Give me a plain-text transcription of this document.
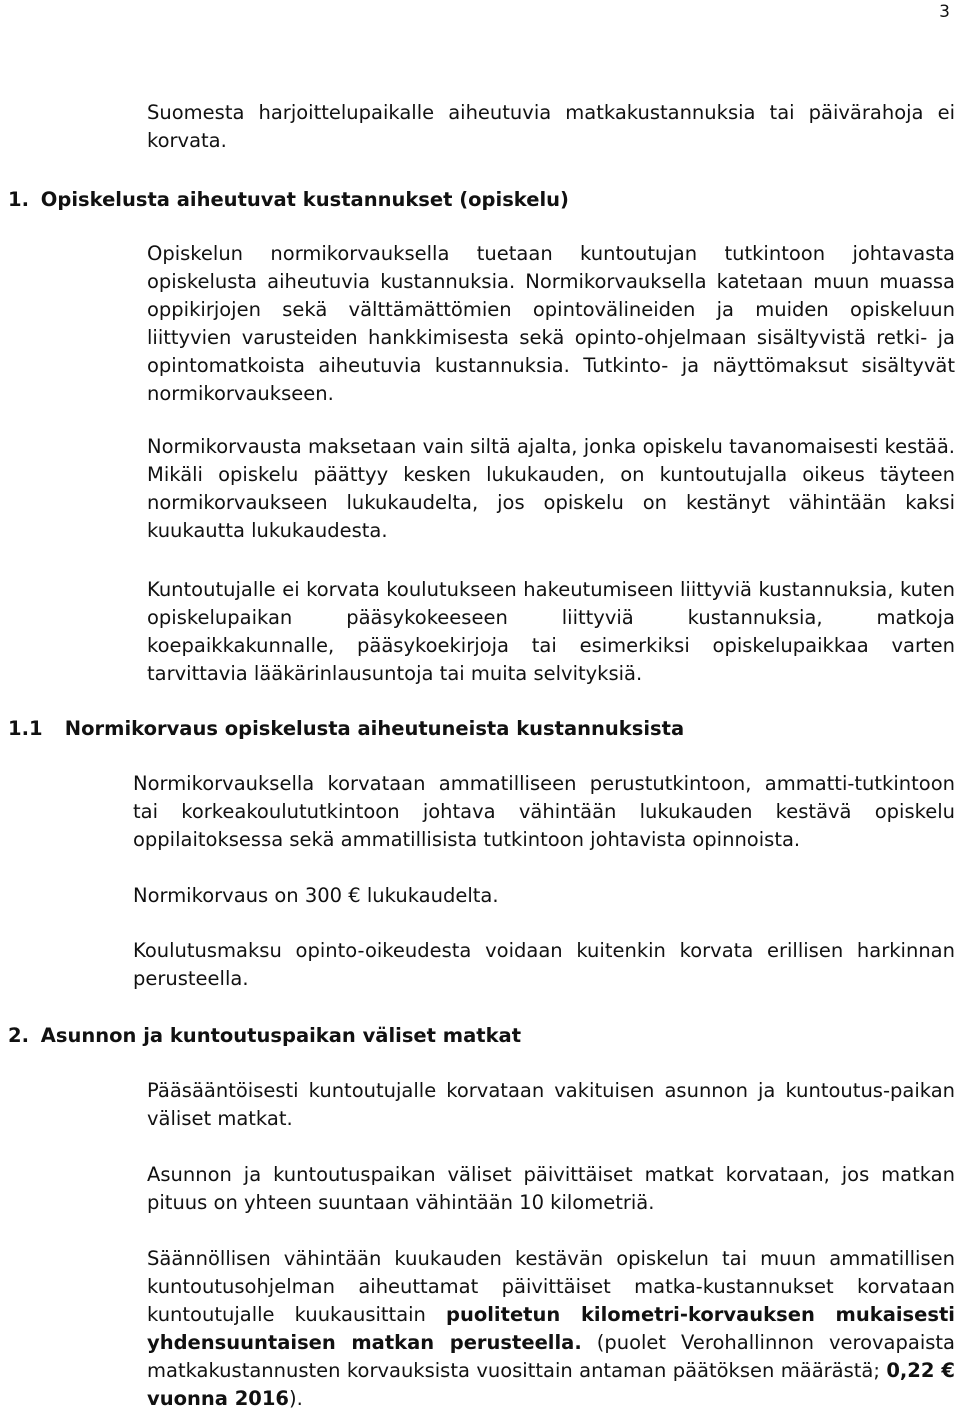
3

Suomesta harjoittelupaikalle aiheutuvia matkakustannuksia tai päivärahoja ei korvata.

1. Opiskelusta aiheutuvat kustannukset (opiskelu)

Opiskelun normikorvauksella tuetaan kuntoutujan tutkintoon johtavasta opiskelusta aiheutuvia kustannuksia. Normikorvauksella katetaan muun muassa oppikirjojen sekä välttämättömien opintovälineiden ja muiden opiskeluun liittyvien varusteiden hankkimisesta sekä opinto-ohjelmaan sisältyvistä retki- ja opintomatkoista aiheutuvia kustannuksia. Tutkinto- ja näyttömaksut sisältyvät normikorvaukseen.

Normikorvausta maksetaan vain siltä ajalta, jonka opiskelu tavanomaisesti kestää. Mikäli opiskelu päättyy kesken lukukauden, on kuntoutujalla oikeus täyteen normikorvaukseen lukukaudelta, jos opiskelu on kestänyt vähintään kaksi kuukautta lukukaudesta.

Kuntoutujalle ei korvata koulutukseen hakeutumiseen liittyviä kustannuksia, kuten opiskelupaikan pääsykokeeseen liittyviä kustannuksia, matkoja koepaikkakunnalle, pääsykoekirjoja tai esimerkiksi opiskelupaikkaa varten tarvittavia lääkärinlausuntoja tai muita selvityksiä.

1.1 Normikorvaus opiskelusta aiheutuneista kustannuksista

Normikorvauksella korvataan ammatilliseen perustutkintoon, ammatti-tutkintoon tai korkeakoulututkintoon johtava vähintään lukukauden kestävä opiskelu oppilaitoksessa sekä ammatillisista tutkintoon johtavista opinnoista.

Normikorvaus on 300 € lukukaudelta.

Koulutusmaksu opinto-oikeudesta voidaan kuitenkin korvata erillisen harkinnan perusteella.

2. Asunnon ja kuntoutuspaikan väliset matkat

Pääsääntöisesti kuntoutujalle korvataan vakituisen asunnon ja kuntoutus-paikan väliset matkat.

Asunnon ja kuntoutuspaikan väliset päivittäiset matkat korvataan, jos matkan pituus on yhteen suuntaan vähintään 10 kilometriä.

Säännöllisen vähintään kuukauden kestävän opiskelun tai muun ammatillisen kuntoutusohjelman aiheuttamat päivittäiset matka-kustannukset korvataan kuntoutujalle kuukausittain puolitetun kilometri-korvauksen mukaisesti yhdensuuntaisen matkan perusteella. (puolet Verohallinnon verovapaista matkakustannusten korvauksista vuosittain antaman päätöksen määrästä; 0,22 € vuonna 2016).
